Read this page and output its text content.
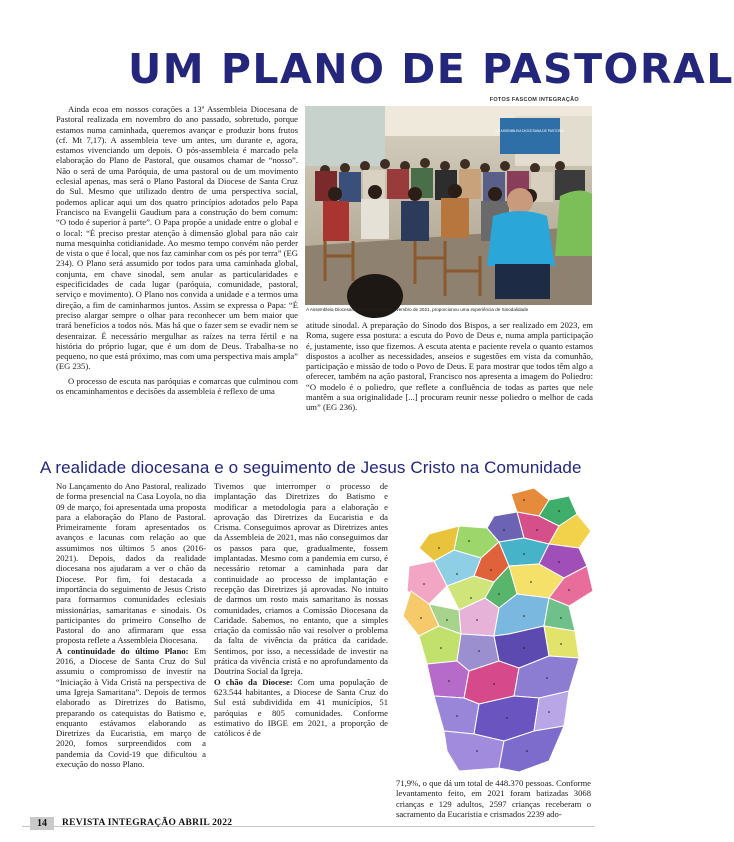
UM PLANO DE PASTORAL
FOTOS FASCOM INTEGRAÇÃO

Ainda ecoa em nossos corações a 13ª Assembleia Diocesana de Pastoral realizada em novembro do ano passado, sobretudo, porque estamos numa caminhada, queremos avançar e produzir bons frutos (cf. Mt 7,17). A assembleia teve um antes, um durante e, agora, estamos vivenciando um depois. O pós-assembleia é marcado pela elaboração do Plano de Pastoral, que ousamos chamar de “nosso”. Não o será de uma Paróquia, de uma pastoral ou de um movimento eclesial apenas, mas será o Plano Pastoral da Diocese de Santa Cruz do Sul. Mesmo que utilizado dentro de uma perspectiva social, podemos aplicar aqui um dos quatro princípios adotados pelo Papa Francisco na Evangelii Gaudium para a construção do bem comum: “O todo é superior à parte”. O Papa propõe a unidade entre o global e o local: “É preciso prestar atenção à dimensão global para não cair numa mesquinha cotidianidade. Ao mesmo tempo convém não perder de vista o que é local, que nos faz caminhar com os pés por terra” (EG 234). O Plano será assumido por todos para uma caminhada global, conjunta, em chave sinodal, sem anular as particularidades e especificidades de cada lugar (paróquia, comunidade, pastoral, serviço e movimento). O Plano nos convida a unidade e a termos uma direção, a fim de caminharmos juntos. Assim se expressa o Papa: “É preciso alargar sempre o olhar para reconhecer um bem maior que trará benefícios a todos nós. Mas há que o fazer sem se evadir nem se desenraizar. É necessário mergulhar as raízes na terra fértil e na história do próprio lugar, que é um dom de Deus. Trabalha-se no pequeno, no que está próximo, mas com uma perspectiva mais ampla” (EG 235).

O processo de escuta nas paróquias e comarcas que culminou com os encaminhamentos e decisões da assembleia é reflexo de uma

12ª ASSEMBLEIA DIOCESANA DE PASTORAL
A Assembleia Diocesana de Pastoral, em novembro de 2021, proporcionou uma experiência de Sinodalidade

atitude sinodal. A preparação do Sínodo dos Bispos, a ser realizado em 2023, em Roma, sugere essa postura: a escuta do Povo de Deus e, numa ampla participação é, justamente, isso que fizemos. A escuta atenta e paciente revela o quanto estamos dispostos a acolher as necessidades, anseios e sugestões em vista da comunhão, participação e missão de todo o Povo de Deus. E para mostrar que todos têm algo a oferecer, também na ação pastoral, Francisco nos apresenta a imagem do Poliedro: “O modelo é o poliedro, que reflete a confluência de todas as partes que nele mantêm a sua originalidade [...] procuram reunir nesse poliedro o melhor de cada um” (EG 236).

A realidade diocesana e o seguimento de Jesus Cristo na Comunidade

No Lançamento do Ano Pastoral, realizado de forma presencial na Casa Loyola, no dia 09 de março, foi apresentada uma proposta para a elaboração do Plano de Pastoral. Primeiramente foram apresentados os avanços e lacunas com relação ao que assumimos nos últimos 5 anos (2016-2021). Depois, dados da realidade diocesana nos ajudaram a ver o chão da Diocese. Por fim, foi destacada a importância do seguimento de Jesus Cristo para formarmos comunidades eclesiais missionárias, samaritanas e sinodais. Os participantes do primeiro Conselho de Pastoral do ano afirmaram que essa proposta reflete a Assembleia Diocesana.

A continuidade do último Plano: Em 2016, a Diocese de Santa Cruz do Sul assumiu o compromisso de investir na “Iniciação à Vida Cristã na perspectiva de uma Igreja Samaritana”. Depois de termos elaborado as Diretrizes do Batismo, preparando os catequistas do Batismo e, enquanto estávamos elaborando as Diretrizes da Eucaristia, em março de 2020, fomos surpreendidos com a pandemia da Covid-19 que dificultou a execução do nosso Plano.

Tivemos que interromper o processo de implantação das Diretrizes do Batismo e modificar a metodologia para a elaboração e aprovação das Diretrizes da Eucaristia e da Crisma. Conseguimos aprovar as Diretrizes antes da Assembleia de 2021, mas não conseguimos dar os passos para que, gradualmente, fossem implantadas. Mesmo com a pandemia em curso, é necessário retomar a caminhada para dar continuidade ao processo de implantação e recepção das Diretrizes já aprovadas. No intuito de darmos um rosto mais samaritano às nossas comunidades, criamos a Comissão Diocesana da Caridade. Sabemos, no entanto, que a simples criação da comissão não vai resolver o problema da falta de vivência da prática da caridade. Sentimos, por isso, a necessidade de investir na prática da vivência cristã e no aprofundamento da Doutrina Social da Igreja.

O chão da Diocese: Com uma população de 623.544 habitantes, a Diocese de Santa Cruz do Sul está subdividida em 41 municípios, 51 paróquias e 805 comunidades. Conforme estimativo do IBGE em 2021, a proporção de católicos é de

71,9%, o que dá um total de 448.370 pessoas. Conforme levantamento feito, em 2021 foram batizadas 3068 crianças e 129 adultos, 2597 crianças receberam o sacramento da Eucaristia e crismados 2239 ado-

14	REVISTA INTEGRAÇÃO ABRIL 2022
